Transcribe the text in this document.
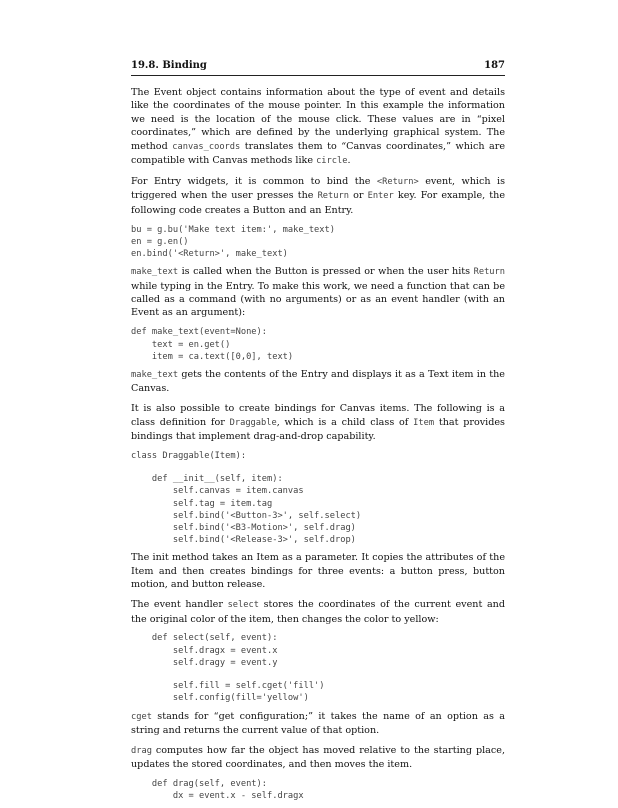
19.8. Binding	187

The Event object contains information about the type of event and details like the coordinates of the mouse pointer. In this example the information we need is the location of the mouse click. These values are in “pixel coordinates,” which are defined by the underlying graphical system. The method canvas_coords translates them to “Canvas coordinates,” which are compatible with Canvas methods like circle.

For Entry widgets, it is common to bind the <Return> event, which is triggered when the user presses the Return or Enter key. For example, the following code creates a Button and an Entry.

bu = g.bu('Make text item:', make_text)
en = g.en()
en.bind('<Return>', make_text)

make_text is called when the Button is pressed or when the user hits Return while typing in the Entry. To make this work, we need a function that can be called as a command (with no arguments) or as an event handler (with an Event as an argument):

def make_text(event=None):
text = en.get()
item = ca.text([0,0], text)

make_text gets the contents of the Entry and displays it as a Text item in the Canvas.

It is also possible to create bindings for Canvas items. The following is a class definition for Draggable, which is a child class of Item that provides bindings that implement drag-and-drop capability.

class Draggable(Item):
def __init__(self, item):
self.canvas = item.canvas
self.tag = item.tag
self.bind('<Button-3>', self.select)
self.bind('<B3-Motion>', self.drag)
self.bind('<Release-3>', self.drop)

The init method takes an Item as a parameter. It copies the attributes of the Item and then creates bindings for three events: a button press, button motion, and button release.

The event handler select stores the coordinates of the current event and the original color of the item, then changes the color to yellow:

def select(self, event):
self.dragx = event.x
self.dragy = event.y
self.fill = self.cget('fill')
self.config(fill='yellow')

cget stands for “get configuration;” it takes the name of an option as a string and returns the current value of that option.

drag computes how far the object has moved relative to the starting place, updates the stored coordinates, and then moves the item.

def drag(self, event):
dx = event.x - self.dragx
